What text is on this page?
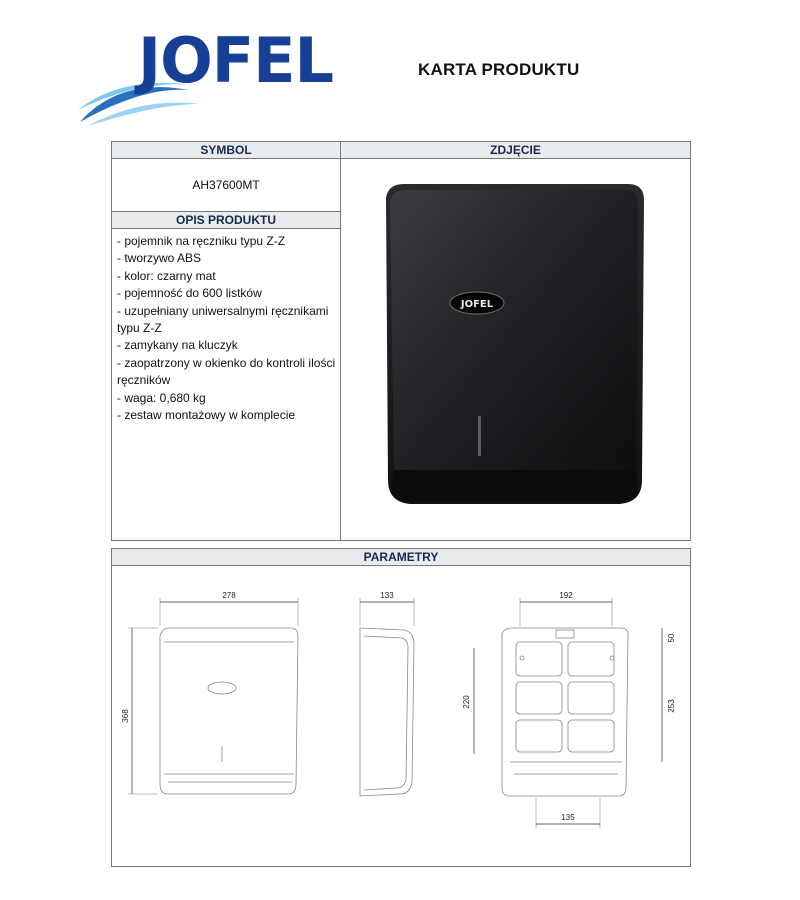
JOFEL	KARTA PRODUKTU
SYMBOL	ZDJĘCIE
AH37600MT
OPIS PRODUKTU
- pojemnik na ręczniku typu Z-Z
- tworzywo ABS
- kolor: czarny mat
- pojemność do 600 listków
- uzupełniany uniwersalnymi ręcznikami typu Z-Z
- zamykany na kluczyk
- zaopatrzony w okienko do kontroli ilości ręczników
- waga: 0,680 kg
- zestaw montażowy w komplecie
JOFEL
PARAMETRY
278
368
133	192
220
50
253
135
